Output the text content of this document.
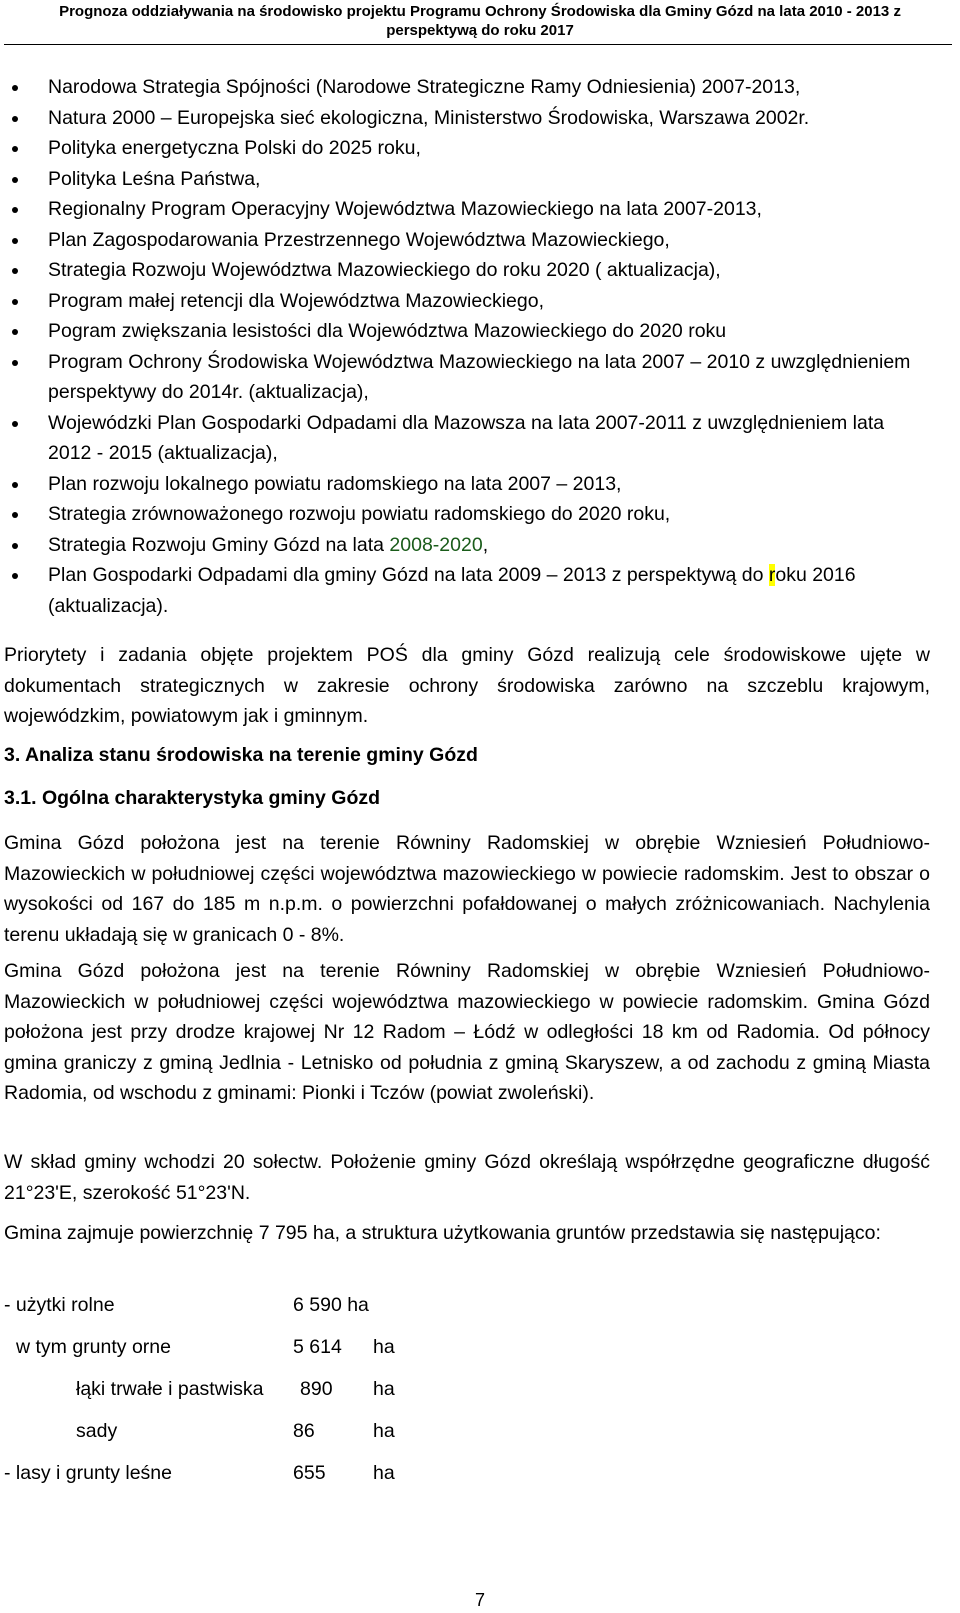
Prognoza oddziaływania na środowisko projektu Programu Ochrony Środowiska dla Gminy Gózd na lata 2010 - 2013 z
perspektywą do roku 2017
Narodowa Strategia Spójności (Narodowe Strategiczne Ramy Odniesienia) 2007-2013,
Natura 2000 – Europejska sieć ekologiczna, Ministerstwo Środowiska, Warszawa 2002r.
Polityka energetyczna Polski do 2025 roku,
Polityka Leśna Państwa,
Regionalny Program Operacyjny Województwa Mazowieckiego na lata 2007-2013,
Plan Zagospodarowania Przestrzennego Województwa Mazowieckiego,
Strategia Rozwoju Województwa Mazowieckiego do roku 2020 ( aktualizacja),
Program małej retencji dla Województwa Mazowieckiego,
Pogram zwiększania lesistości dla Województwa Mazowieckiego do 2020 roku
Program Ochrony Środowiska Województwa Mazowieckiego na lata 2007 – 2010 z uwzględnieniem perspektywy do 2014r. (aktualizacja),
Wojewódzki Plan Gospodarki Odpadami dla Mazowsza na lata 2007-2011 z uwzględnieniem lata 2012 - 2015 (aktualizacja),
Plan rozwoju lokalnego powiatu radomskiego na lata 2007 – 2013,
Strategia zrównoważonego rozwoju powiatu radomskiego do 2020 roku,
Strategia Rozwoju Gminy Gózd na lata 2008-2020,
Plan Gospodarki Odpadami dla gminy Gózd na lata 2009 – 2013 z perspektywą do roku 2016 (aktualizacja).

Priorytety i zadania objęte projektem POŚ dla gminy Gózd realizują cele środowiskowe ujęte w dokumentach strategicznych w zakresie ochrony środowiska zarówno na szczeblu krajowym, wojewódzkim, powiatowym jak i gminnym.

3. Analiza stanu środowiska na terenie gminy Gózd

3.1. Ogólna charakterystyka gminy Gózd

Gmina Gózd położona jest na terenie Równiny Radomskiej w obrębie Wzniesień Południowo-Mazowieckich w południowej części województwa mazowieckiego w powiecie radomskim. Jest to obszar o wysokości od 167 do 185 m n.p.m. o powierzchni pofałdowanej o małych zróżnicowaniach. Nachylenia terenu układają się w granicach 0 - 8%.

Gmina Gózd położona jest na terenie Równiny Radomskiej w obrębie Wzniesień Południowo-Mazowieckich w południowej części województwa mazowieckiego w powiecie radomskim. Gmina Gózd położona jest przy drodze krajowej Nr 12 Radom – Łódź w odległości 18 km od Radomia. Od północy gmina graniczy z gminą Jedlnia - Letnisko od południa z gminą Skaryszew, a od zachodu z gminą Miasta Radomia, od wschodu z gminami: Pionki i Tczów (powiat zwoleński).

W skład gminy wchodzi 20 sołectw. Położenie gminy Gózd określają współrzędne geograficzne długość 21°23'E, szerokość 51°23'N.

Gmina zajmuje powierzchnię 7 795 ha, a struktura użytkowania gruntów przedstawia się następująco:

- użytki rolne	6 590 ha
w tym grunty orne	5 614 ha
łąki trwałe i pastwiska 890 ha
sady	86	ha
- lasy i grunty leśne	655 ha
7
